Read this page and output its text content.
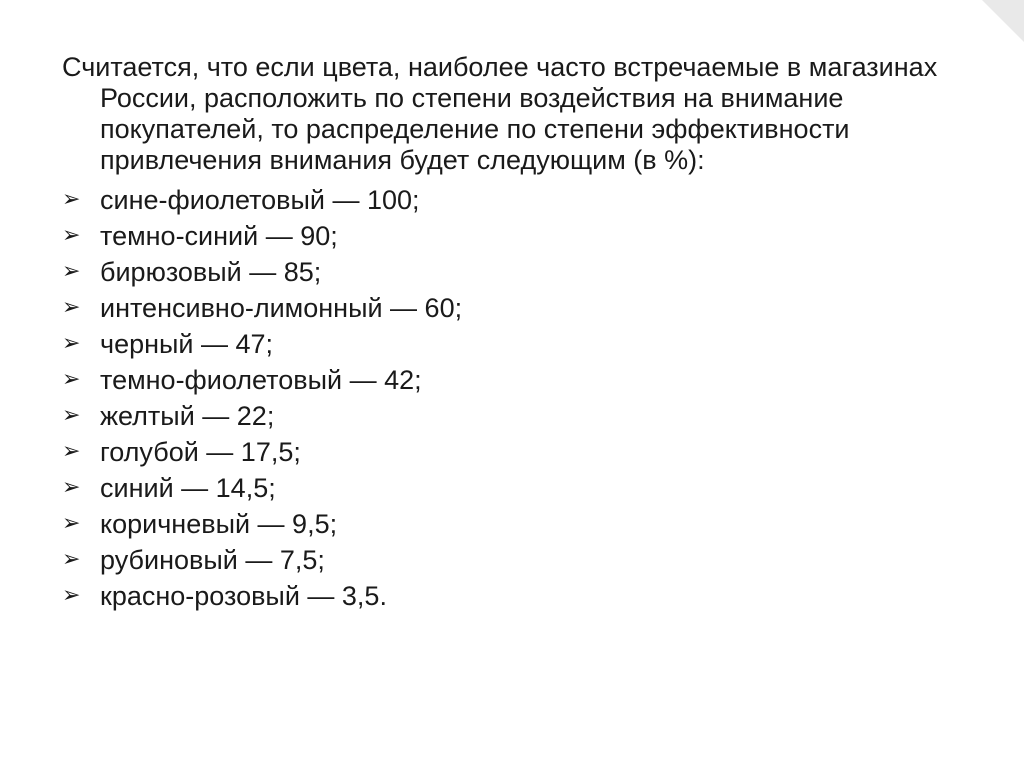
Считается, что если цвета, наиболее часто встречаемые в магазинах России, расположить по степени воздействия на внимание покупателей, то распределение по степени эффективности привлечения внимания будет следующим (в %):

➢ сине-фиолетовый — 100;
➢ темно-синий — 90;
➢ бирюзовый — 85;
➢ интенсивно-лимонный — 60;
➢ черный — 47;
➢ темно-фиолетовый — 42;
➢ желтый — 22;
➢ голубой — 17,5;
➢ синий — 14,5;
➢ коричневый — 9,5;
➢ рубиновый — 7,5;
➢ красно-розовый — 3,5.
